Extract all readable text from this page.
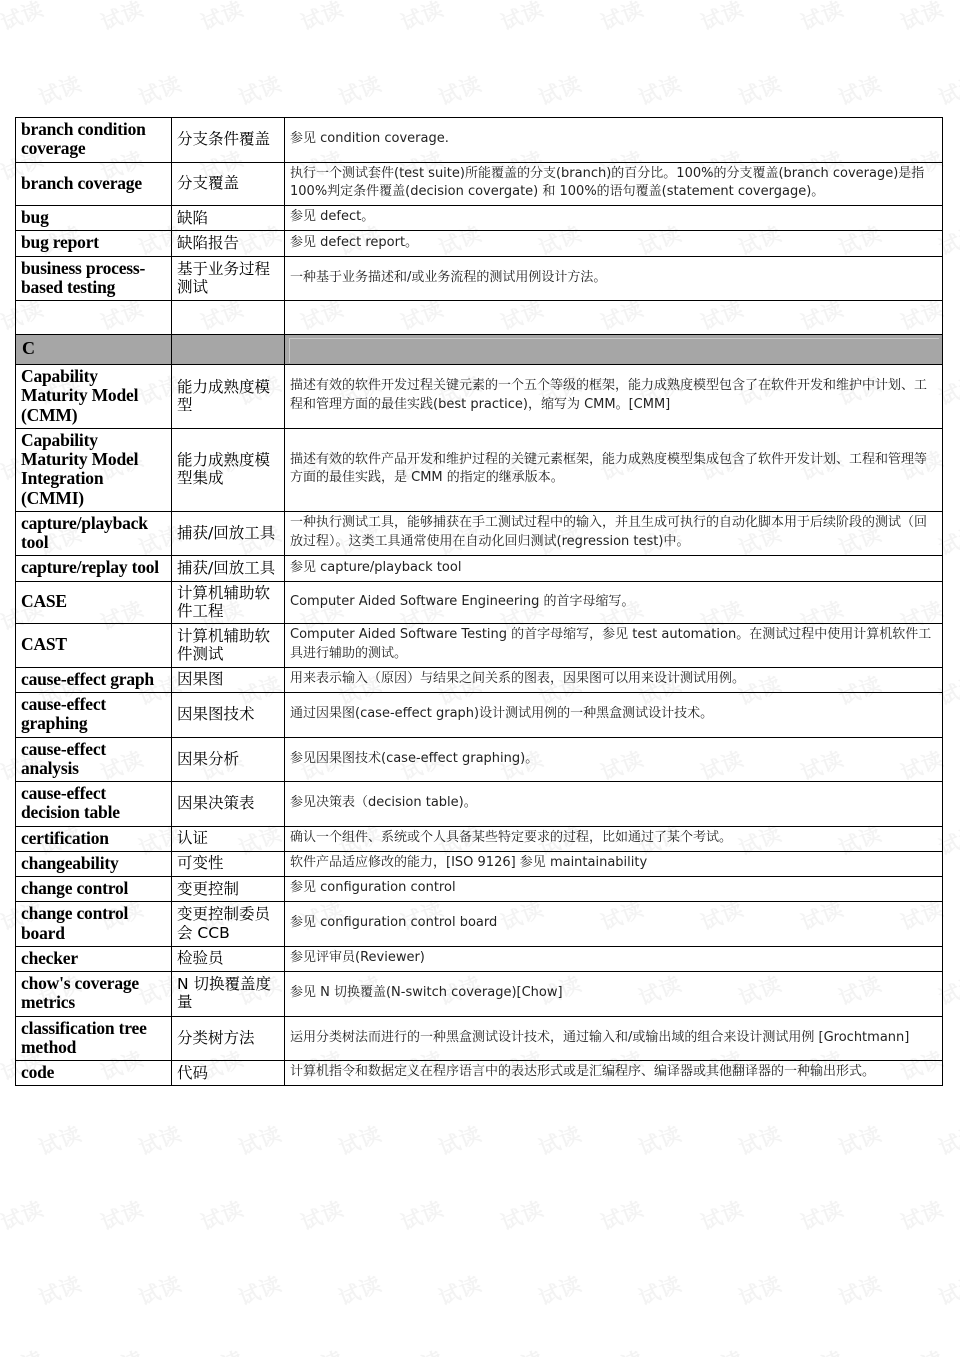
branch condition coverage	分支条件覆盖	参见 condition coverage.
branch coverage	分支覆盖	执行一个测试套件(test suite)所能覆盖的分支(branch)的百分比。100%的分支覆盖(branch coverage)是指 100%判定条件覆盖(decision covergate) 和 100%的语句覆盖(statement covergage)。
bug	缺陷	参见 defect。
bug report	缺陷报告	参见 defect report。
business process-based testing	基于业务过程测试	一种基于业务描述和/或业务流程的测试用例设计方法。

C		
Capability Maturity Model (CMM)	能力成熟度模型	描述有效的软件开发过程关键元素的一个五个等级的框架，能力成熟度模型包含了在软件开发和维护中计划、工程和管理方面的最佳实践(best practice)，缩写为 CMM。[CMM]
Capability Maturity Model Integration (CMMI)	能力成熟度模型集成	描述有效的软件产品开发和维护过程的关键元素框架，能力成熟度模型集成包含了软件开发计划、工程和管理等方面的最佳实践，是 CMM 的指定的继承版本。
capture/playback tool	捕获/回放工具	一种执行测试工具，能够捕获在手工测试过程中的输入，并且生成可执行的自动化脚本用于后续阶段的测试（回放过程）。这类工具通常使用在自动化回归测试(regression test)中。
capture/replay tool	捕获/回放工具	参见 capture/playback tool
CASE	计算机辅助软件工程	Computer Aided Software Engineering 的首字母缩写。
CAST	计算机辅助软件测试	Computer Aided Software Testing 的首字母缩写，参见 test automation。在测试过程中使用计算机软件工具进行辅助的测试。
cause-effect graph	因果图	用来表示输入（原因）与结果之间关系的图表，因果图可以用来设计测试用例。
cause-effect graphing	因果图技术	通过因果图(case-effect graph)设计测试用例的一种黑盒测试设计技术。
cause-effect analysis	因果分析	参见因果图技术(case-effect graphing)。
cause-effect decision table	因果决策表	参见决策表（decision table)。
certification	认证	确认一个组件、系统或个人具备某些特定要求的过程，比如通过了某个考试。
changeability	可变性	软件产品适应修改的能力，[ISO 9126] 参见 maintainability
change control	变更控制	参见 configuration control
change control board	变更控制委员会 CCB	参见 configuration control board
checker	检验员	参见评审员(Reviewer)
chow's coverage metrics	N 切换覆盖度量	参见 N 切换覆盖(N-switch coverage)[Chow]
classification tree method	分类树方法	运用分类树法而进行的一种黑盒测试设计技术，通过输入和/或输出域的组合来设计测试用例 [Grochtmann]
code	代码	计算机指令和数据定义在程序语言中的表达形式或是汇编程序、编译器或其他翻译器的一种输出形式。
